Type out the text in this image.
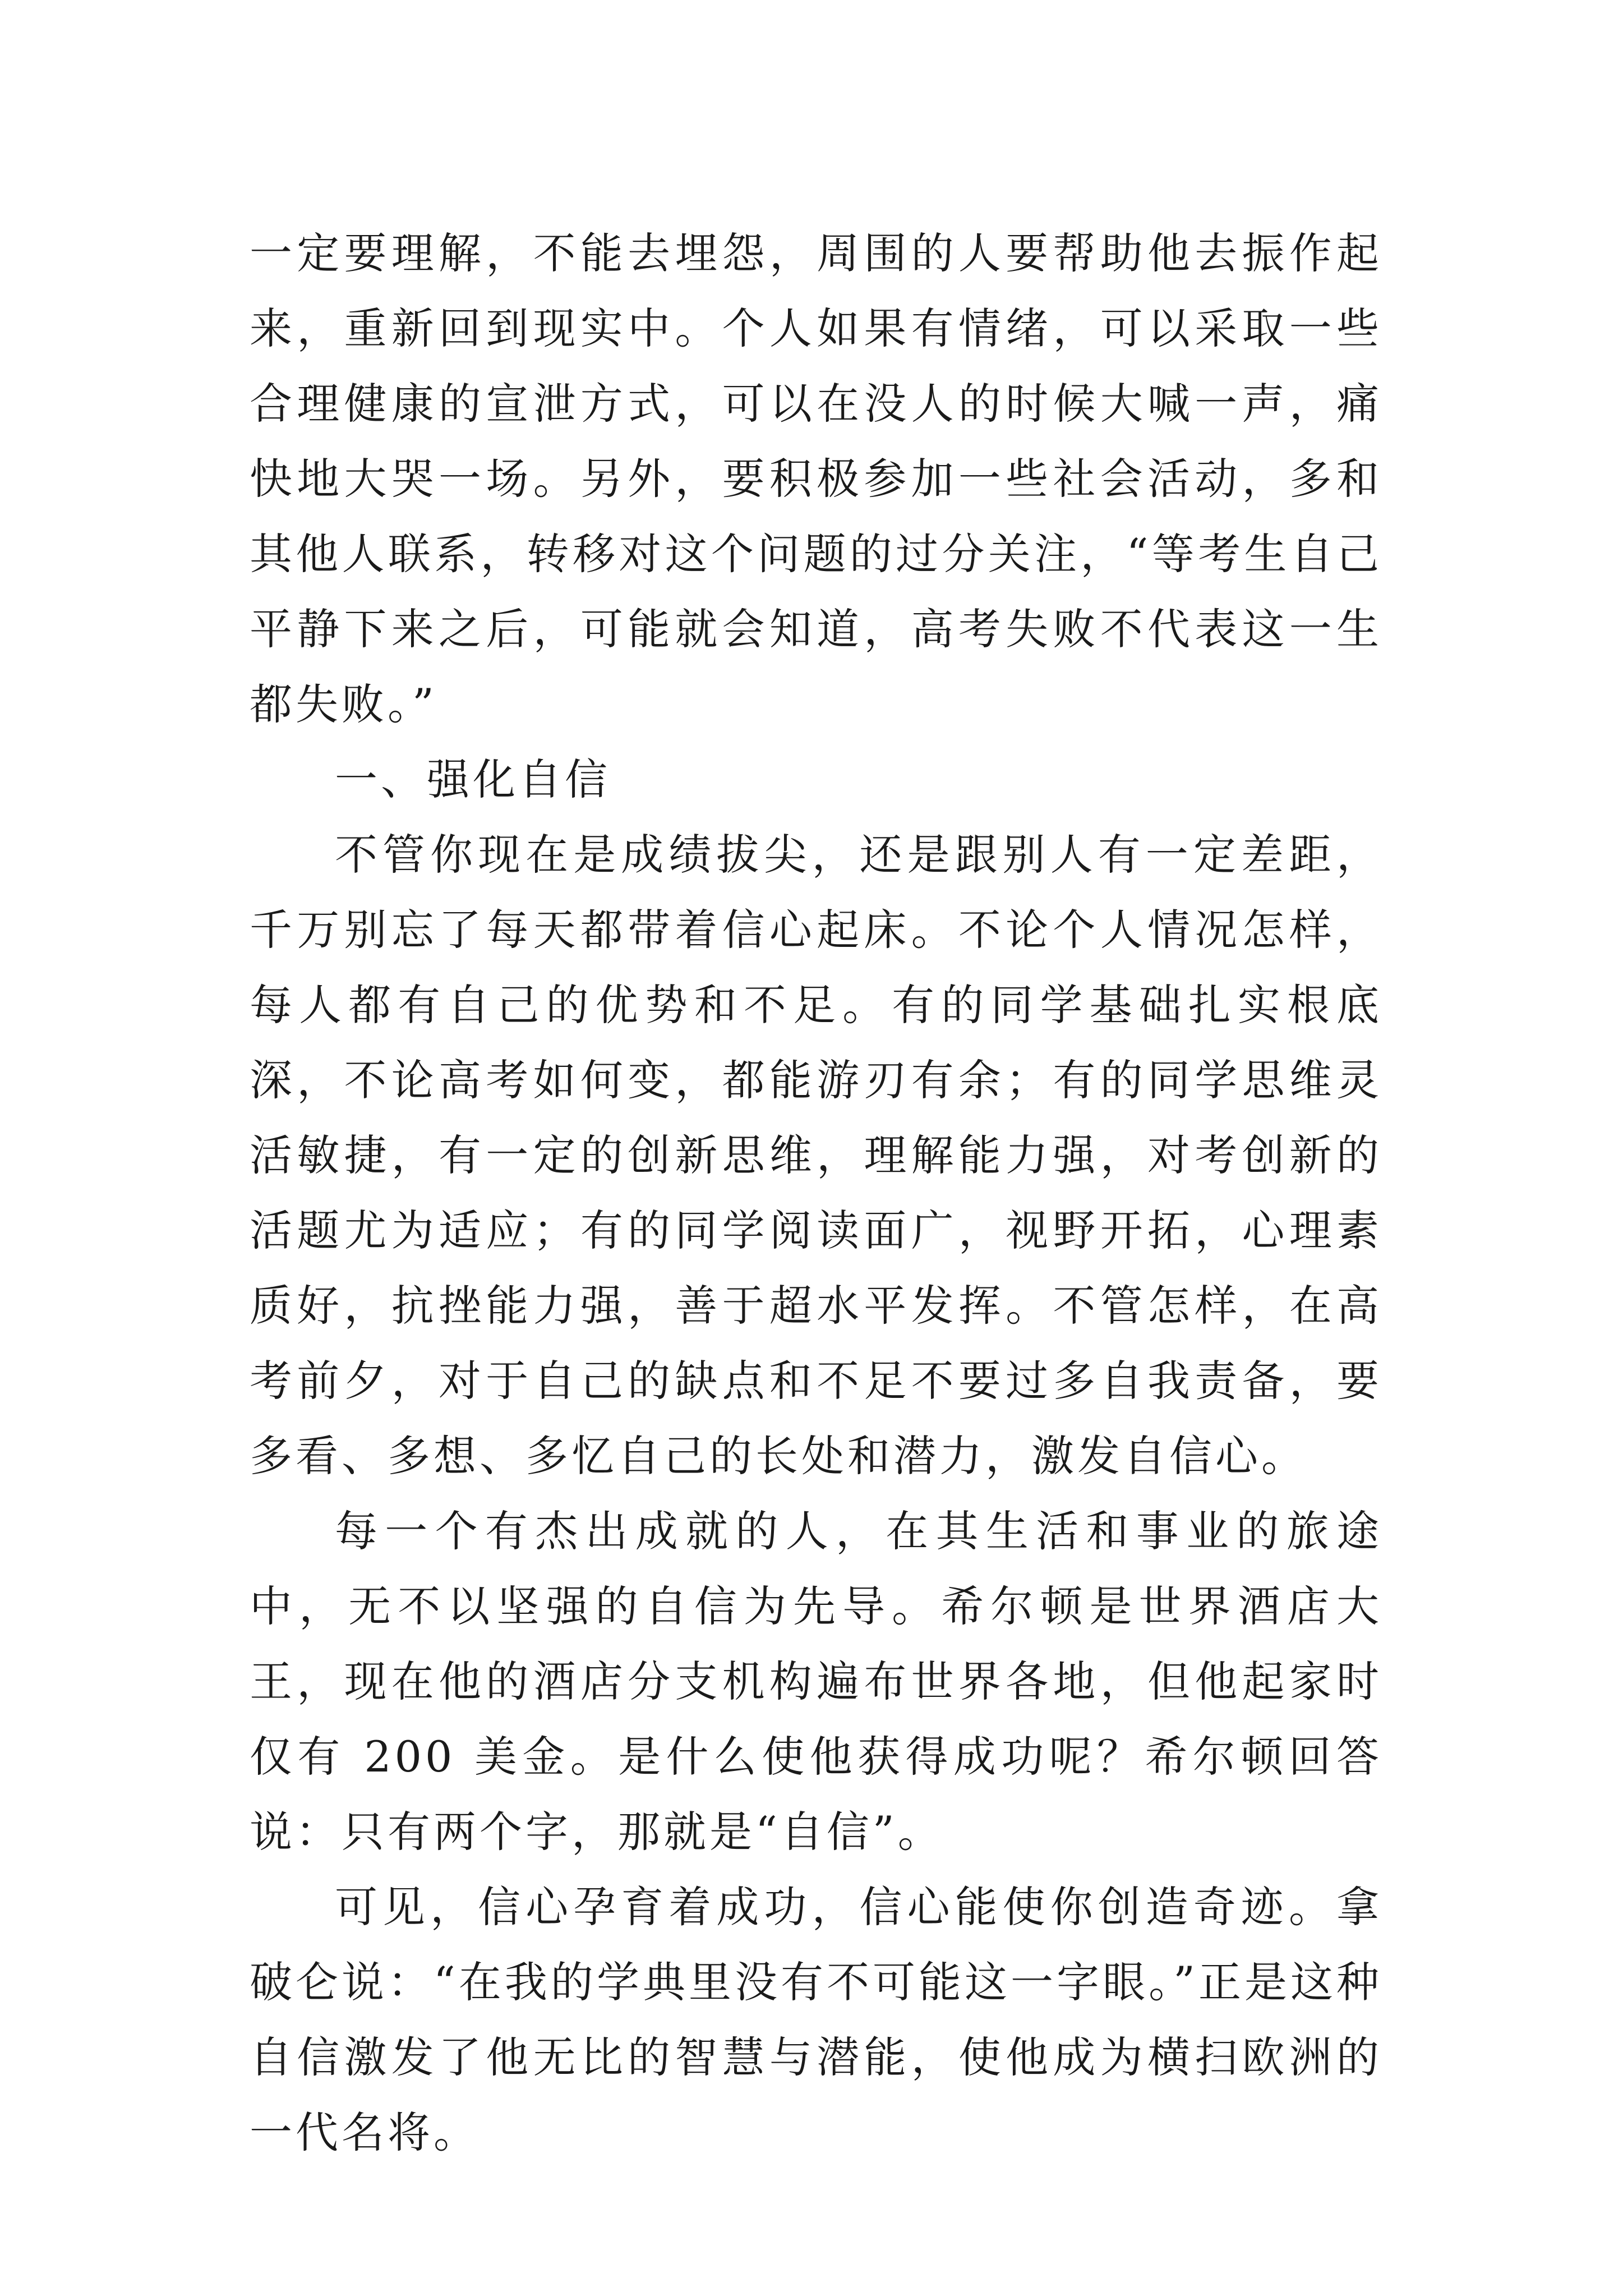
一定要理解，不能去埋怨，周围的人要帮助他去振作起来，重新回到现实中。个人如果有情绪，可以采取一些合理健康的宣泄方式，可以在没人的时候大喊一声，痛快地大哭一场。另外，要积极参加一些社会活动，多和其他人联系，转移对这个问题的过分关注，“等考生自己平静下来之后，可能就会知道，高考失败不代表这一生都失败。”

一、强化自信

不管你现在是成绩拔尖，还是跟别人有一定差距，千万别忘了每天都带着信心起床。不论个人情况怎样，每人都有自己的优势和不足。有的同学基础扎实根底深，不论高考如何变，都能游刃有余；有的同学思维灵活敏捷，有一定的创新思维，理解能力强，对考创新的活题尤为适应；有的同学阅读面广，视野开拓，心理素质好，抗挫能力强，善于超水平发挥。不管怎样，在高考前夕，对于自己的缺点和不足不要过多自我责备，要多看、多想、多忆自己的长处和潜力，激发自信心。

每一个有杰出成就的人，在其生活和事业的旅途中，无不以坚强的自信为先导。希尔顿是世界酒店大王，现在他的酒店分支机构遍布世界各地，但他起家时仅有 200 美金。是什么使他获得成功呢？希尔顿回答说：只有两个字，那就是“自信”。

可见，信心孕育着成功，信心能使你创造奇迹。拿破仑说：“在我的学典里没有不可能这一字眼。”正是这种自信激发了他无比的智慧与潜能，使他成为横扫欧洲的一代名将。
